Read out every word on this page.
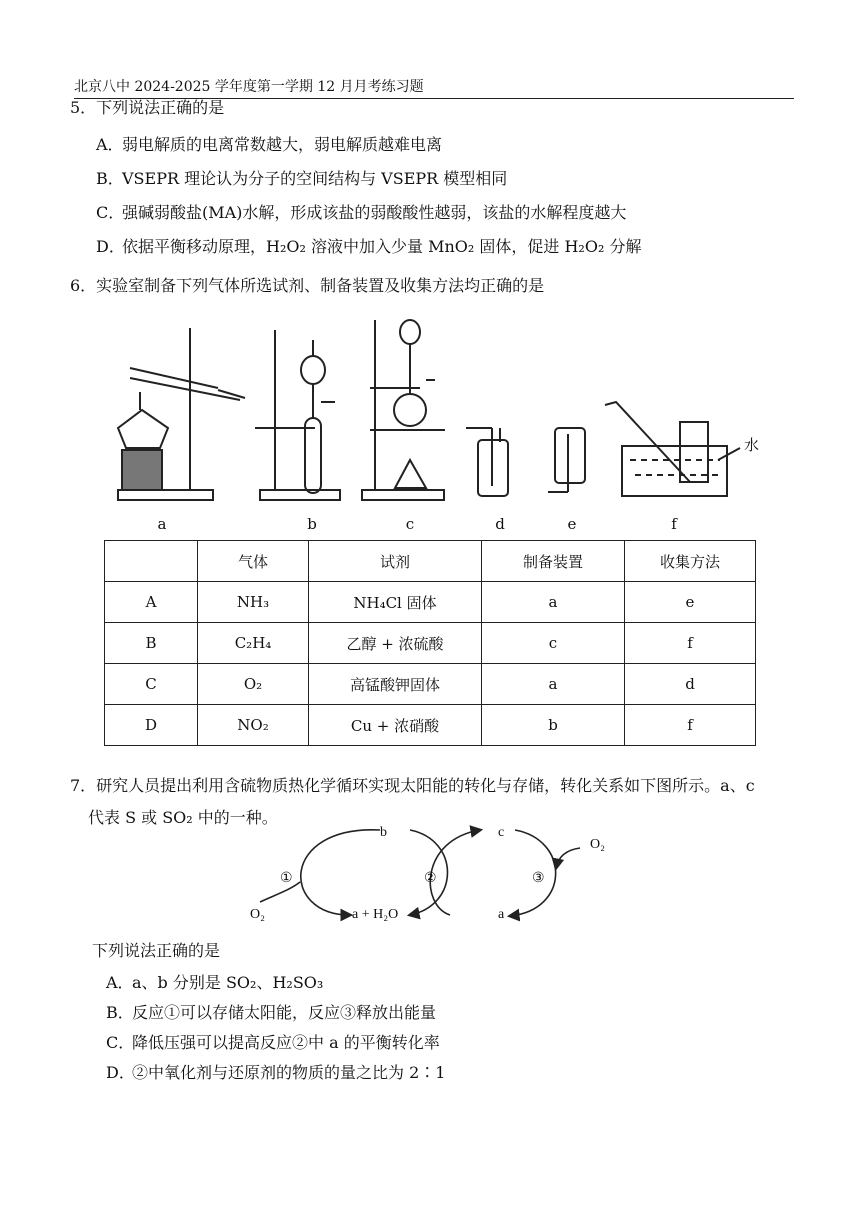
北京八中 2024-2025 学年度第一学期 12 月月考练习题
5．下列说法正确的是
A．弱电解质的电离常数越大，弱电解质越难电离
B．VSEPR 理论认为分子的空间结构与 VSEPR 模型相同
C．强碱弱酸盐(MA)水解，形成该盐的弱酸酸性越弱，该盐的水解程度越大
D．依据平衡移动原理，H₂O₂ 溶液中加入少量 MnO₂ 固体，促进 H₂O₂ 分解
6．实验室制备下列气体所选试剂、制备装置及收集方法均正确的是
水
a	b	c	d	e	f
	气体	试剂	制备装置	收集方法
A	NH₃	NH₄Cl 固体	a	e
B	C₂H₄	乙醇 + 浓硫酸	c	f
C	O₂	高锰酸钾固体	a	d
D	NO₂	Cu + 浓硝酸	b	f
7．研究人员提出利用含硫物质热化学循环实现太阳能的转化与存储，转化关系如下图所示。a、c
代表 S 或 SO₂ 中的一种。
b	c
O₂
O₂	a + H₂O	a
①	②	③
下列说法正确的是
A．a、b 分别是 SO₂、H₂SO₃
B．反应①可以存储太阳能，反应③释放出能量
C．降低压强可以提高反应②中 a 的平衡转化率
D．②中氧化剂与还原剂的物质的量之比为 2∶1
